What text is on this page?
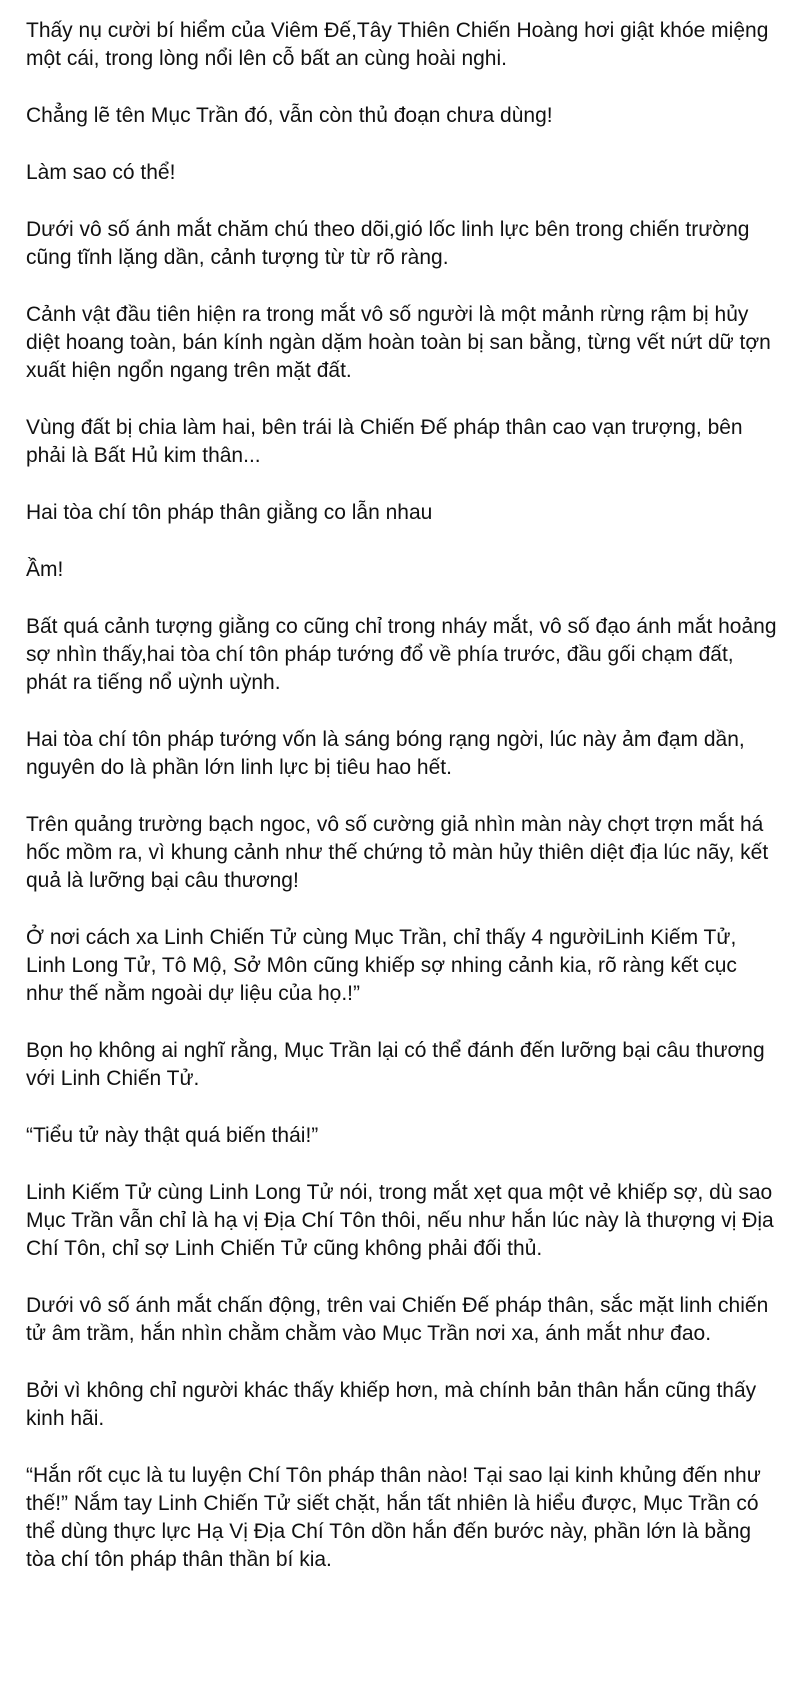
Thấy nụ cười bí hiểm của Viêm Đế,Tây Thiên Chiến Hoàng hơi giật khóe miệng một cái, trong lòng nổi lên cỗ bất an cùng hoài nghi.

Chẳng lẽ tên Mục Trần đó, vẫn còn thủ đoạn chưa dùng!

Làm sao có thể!

Dưới vô số ánh mắt chăm chú theo dõi,gió lốc linh lực bên trong chiến trường cũng tĩnh lặng dần, cảnh tượng từ từ rõ ràng.

Cảnh vật đầu tiên hiện ra trong mắt vô số người là một mảnh rừng rậm bị hủy diệt hoang toàn, bán kính ngàn dặm hoàn toàn bị san bằng, từng vết nứt dữ tợn xuất hiện ngổn ngang trên mặt đất.

Vùng đất bị chia làm hai, bên trái là Chiến Đế pháp thân cao vạn trượng, bên phải là Bất Hủ kim thân...

Hai tòa chí tôn pháp thân giằng co lẫn nhau

Ầm!

Bất quá cảnh tượng giằng co cũng chỉ trong nháy mắt, vô số đạo ánh mắt hoảng sợ nhìn thấy,hai tòa chí tôn pháp tướng đổ về phía trước, đầu gối chạm đất, phát ra tiếng nổ uỳnh uỳnh.

Hai tòa chí tôn pháp tướng vốn là sáng bóng rạng ngời, lúc này ảm đạm dần, nguyên do là phần lớn linh lực bị tiêu hao hết.

Trên quảng trường bạch ngoc, vô số cường giả nhìn màn này chợt trợn mắt há hốc mồm ra, vì khung cảnh như thế chứng tỏ màn hủy thiên diệt địa lúc nãy, kết quả là lưỡng bại câu thương!

Ở nơi cách xa Linh Chiến Tử cùng Mục Trần, chỉ thấy 4 ngườiLinh Kiếm Tử, Linh Long Tử, Tô Mộ, Sở Môn cũng khiếp sợ nhing cảnh kia, rõ ràng kết cục như thế nằm ngoài dự liệu của họ.!”

Bọn họ không ai nghĩ rằng, Mục Trần lại có thể đánh đến lưỡng bại câu thương với Linh Chiến Tử.

“Tiểu tử này thật quá biến thái!”

Linh Kiếm Tử cùng Linh Long Tử nói, trong mắt xẹt qua một vẻ khiếp sợ, dù sao Mục Trần vẫn chỉ là hạ vị Địa Chí Tôn thôi, nếu như hắn lúc này là thượng vị Địa Chí Tôn, chỉ sợ Linh Chiến Tử cũng không phải đối thủ.

Dưới vô số ánh mắt chấn động, trên vai Chiến Đế pháp thân, sắc mặt linh chiến tử âm trầm, hắn nhìn chằm chằm vào Mục Trần nơi xa, ánh mắt như đao.

Bởi vì không chỉ người khác thấy khiếp hơn, mà chính bản thân hắn cũng thấy kinh hãi.

“Hắn rốt cục là tu luyện Chí Tôn pháp thân nào! Tại sao lại kinh khủng đến như thế!” Nắm tay Linh Chiến Tử siết chặt, hắn tất nhiên là hiểu được, Mục Trần có thể dùng thực lực Hạ Vị Địa Chí Tôn dồn hắn đến bước này, phần lớn là bằng tòa chí tôn pháp thân thần bí kia.
